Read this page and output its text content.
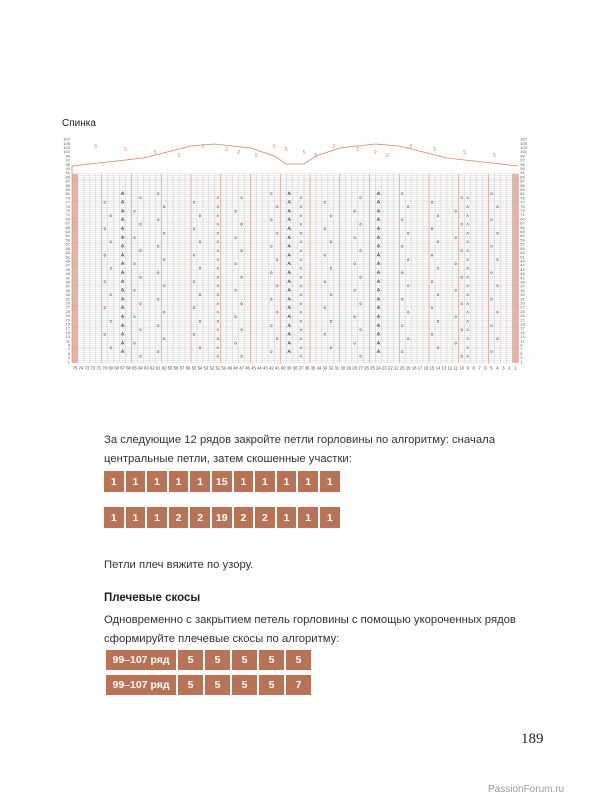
Спинка
5	5	5	5
2	2 2	5
5 5	5 5
2	2	2 2
5	5	5	5
Ѧ	Ѧ	Ѧ
o	o	o	o
ʌ	ʌ	ʌ
o	o	o	o
Ѧ	Ѧ	Ѧ
o	o	o	o
ʌ	ʌ	ʌ
o	o	o	o
Ѧ	Ѧ	Ѧ
o	o	o	o
ʌ	ʌ	ʌ
o	o	o	o
Ѧ	Ѧ	Ѧ
o	o	o	o
ʌ	ʌ	ʌ
o	o	o	o
Ѧ	Ѧ	Ѧ
o	o	o	o
ʌ	ʌ	ʌ
o	o	o	o
Ѧ	Ѧ	Ѧ
o	o	o	o
ʌ	ʌ	ʌ
o	o	o	o
Ѧ	Ѧ	Ѧ
o	o	o	o
ʌ	ʌ	ʌ
o	o	o	o
Ѧ	Ѧ	Ѧ
o	o	o	o
ʌ	ʌ	ʌ
o	o	o	o
Ѧ	Ѧ	Ѧ
o	o	o	o
ʌ	ʌ	ʌ
o	o	o	o
Ѧ	Ѧ	Ѧ
o	o	o	o
ʌ	ʌ	ʌ
o	o	o	o
Ѧ	Ѧ	Ѧ
o	o	o	o
ʌ	ʌ	ʌ
o	o	o	o
Ѧ	Ѧ	Ѧ
o	o	o	o
ʌ	ʌ	ʌ
o	o	o	o
Ѧ	Ѧ	Ѧ
o	o	o	o
ʌ	ʌ	ʌ
o	o	o	o
Ѧ	Ѧ	Ѧ
o	o	o	o
ʌ	ʌ	ʌ
o	o	o	o
Ѧ	Ѧ	Ѧ
o	o	o	o
ʌ	ʌ	ʌ
o	o	o	o
Ѧ	Ѧ	Ѧ
o	o	o	o
ʌ	ʌ	ʌ
o	o	o	o
Ѧ	Ѧ	Ѧ
o	o	o	o
ʌ	ʌ	ʌ
o	o	o	o
Ѧ	Ѧ	Ѧ
o	o	o	o
ʌ	ʌ	ʌ
o	o	o	o
Ѧ	Ѧ	Ѧ
o	o	o	o
ʌ	ʌ	ʌ
o	o	o	o
107
105
103
101
99
97
95
93
91
89
87
85
83
81
79
77
75
73
71
69
67
65
63
61
59
57
55
53
51
49
47
45
43
41
39
37
35
33
31
29
27
25
23
21
19
17
15
13
11
9
7
5
3
1
107
105
103
101
99
97
95
93
91
89
87
85
83
81
79
77
75
73
71
69
67
65
63
61
59
57
55
53
51
49
47
45
43
41
39
37
35
33
31
29
27
25
23
21
19
17
15
13
11
9
7
5
3
1
75 74 73 72 71 70 69 68 67 66 65 64 63 62 61 60 59 58 57 56 55 54 53 52 51 50 49 48 47 46 45 44 43 42 41 40 39 38 37 36 35 34 33 32 31 30 29 28 27 26 25 24 23 22 21 20 19 18 17 16 15 14 13 12 11 10 9 8 7 6 5 4 3 2 1

За следующие 12 рядов закройте петли горловины по алгоритму: сначала центральные петли, затем скошенные участки:

1	1	1	1	1	15	1	1	1	1	1
1	1	1	2	2	19	2	2	1	1	1

Петли плеч вяжите по узору.

Плечевые скосы

Одновременно с закрытием петель горловины с помощью укороченных рядов сформируйте плечевые скосы по алгоритму:

99–107 ряд	5	5	5	5	5
99–107 ряд	5	5	5	5	7
189
PassionForum.ru
